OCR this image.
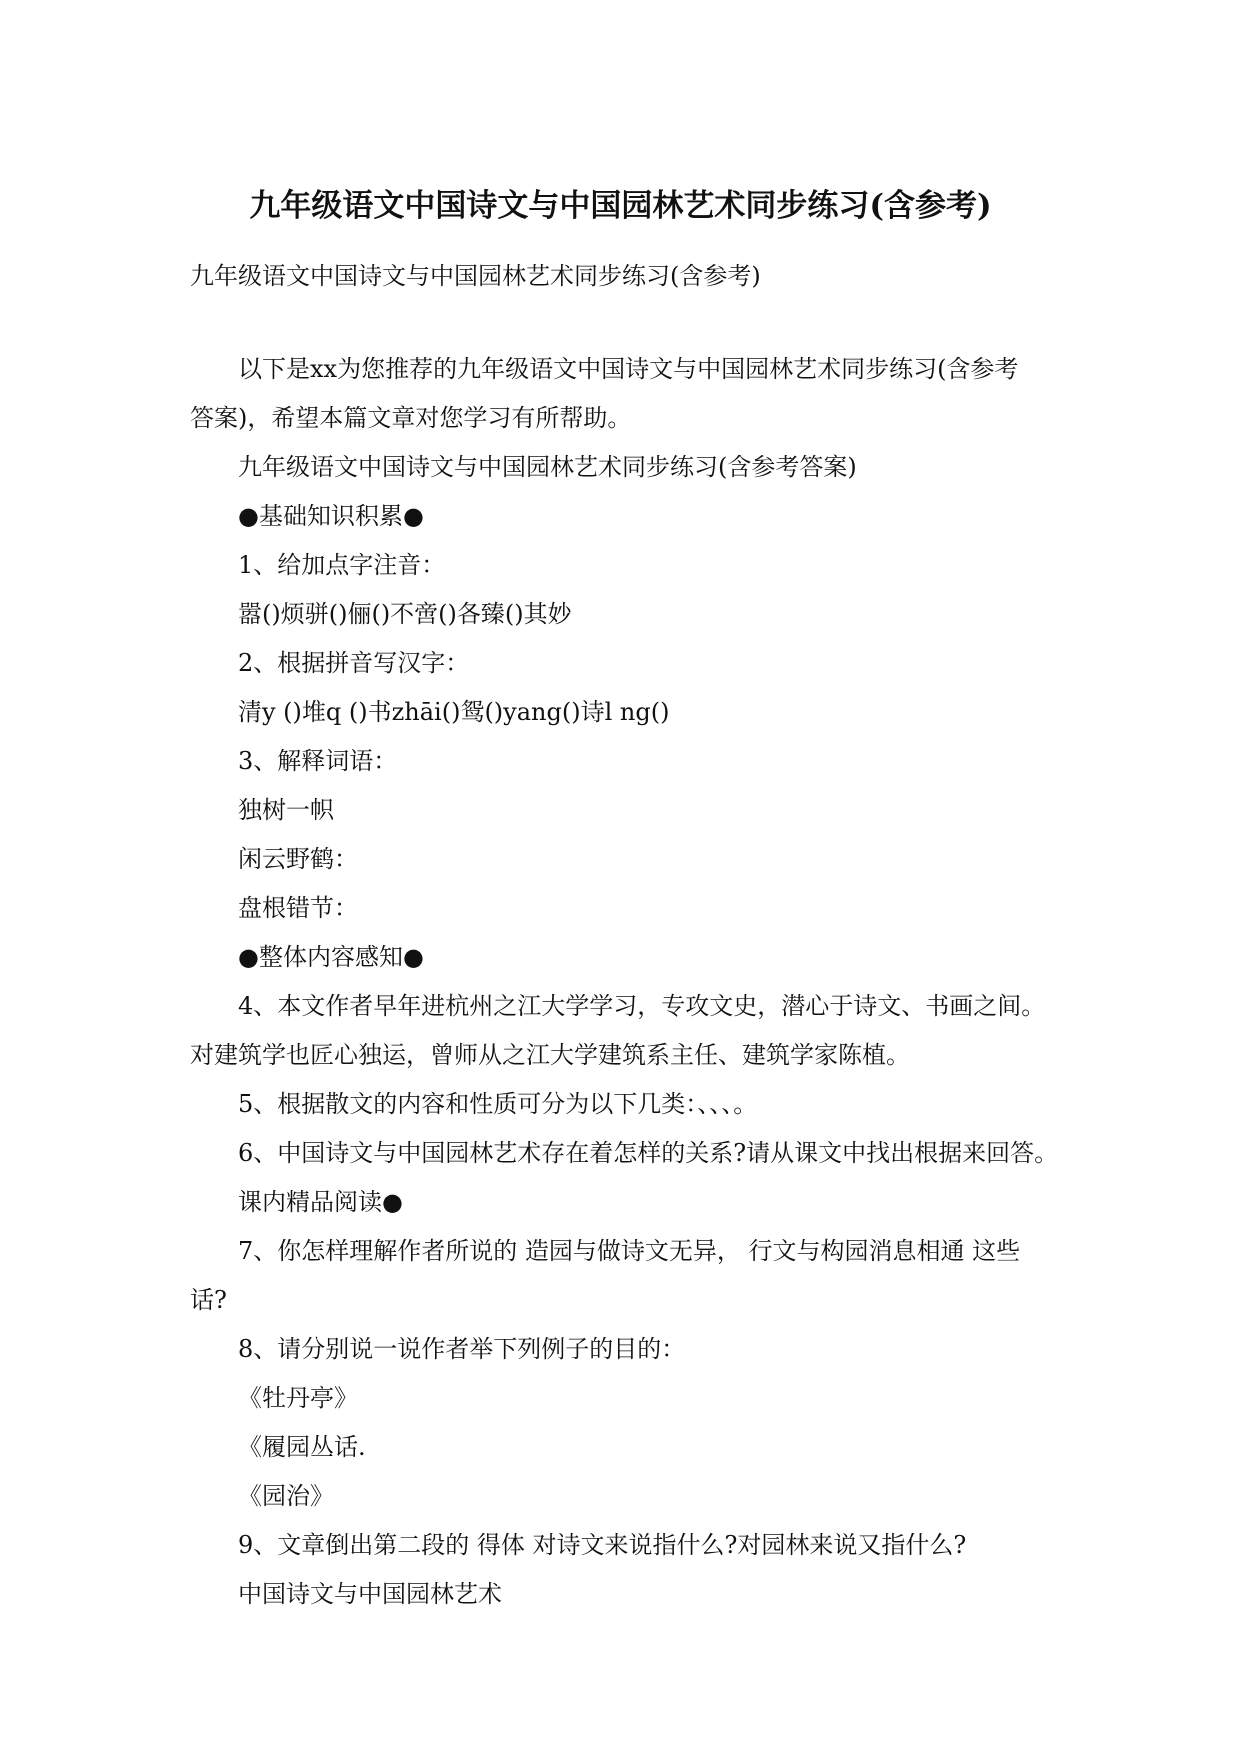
九年级语文中国诗文与中国园林艺术同步练习(含参考)
九年级语文中国诗文与中国园林艺术同步练习(含参考)
以下是xx为您推荐的九年级语文中国诗文与中国园林艺术同步练习(含参考
答案)，希望本篇文章对您学习有所帮助。
九年级语文中国诗文与中国园林艺术同步练习(含参考答案)
●基础知识积累●
1、给加点字注音：
嚣()烦骈()俪()不啻()各臻()其妙
2、根据拼音写汉字：
清y ()堆q ()书zhāi()鸳()yang()诗l ng()
3、解释词语：
独树一帜
闲云野鹤：
盘根错节：
●整体内容感知●
4、本文作者早年进杭州之江大学学习，专攻文史，潜心于诗文、书画之间。
对建筑学也匠心独运，曾师从之江大学建筑系主任、建筑学家陈植。
5、根据散文的内容和性质可分为以下几类：、、、。
6、中国诗文与中国园林艺术存在着怎样的关系?请从课文中找出根据来回答。
课内精品阅读●
7、你怎样理解作者所说的 造园与做诗文无异， 行文与构园消息相通 这些
话?
8、请分别说一说作者举下列例子的目的：
《牡丹亭》
《履园丛话.
《园治》
9、文章倒出第二段的 得体 对诗文来说指什么?对园林来说又指什么?
中国诗文与中国园林艺术
